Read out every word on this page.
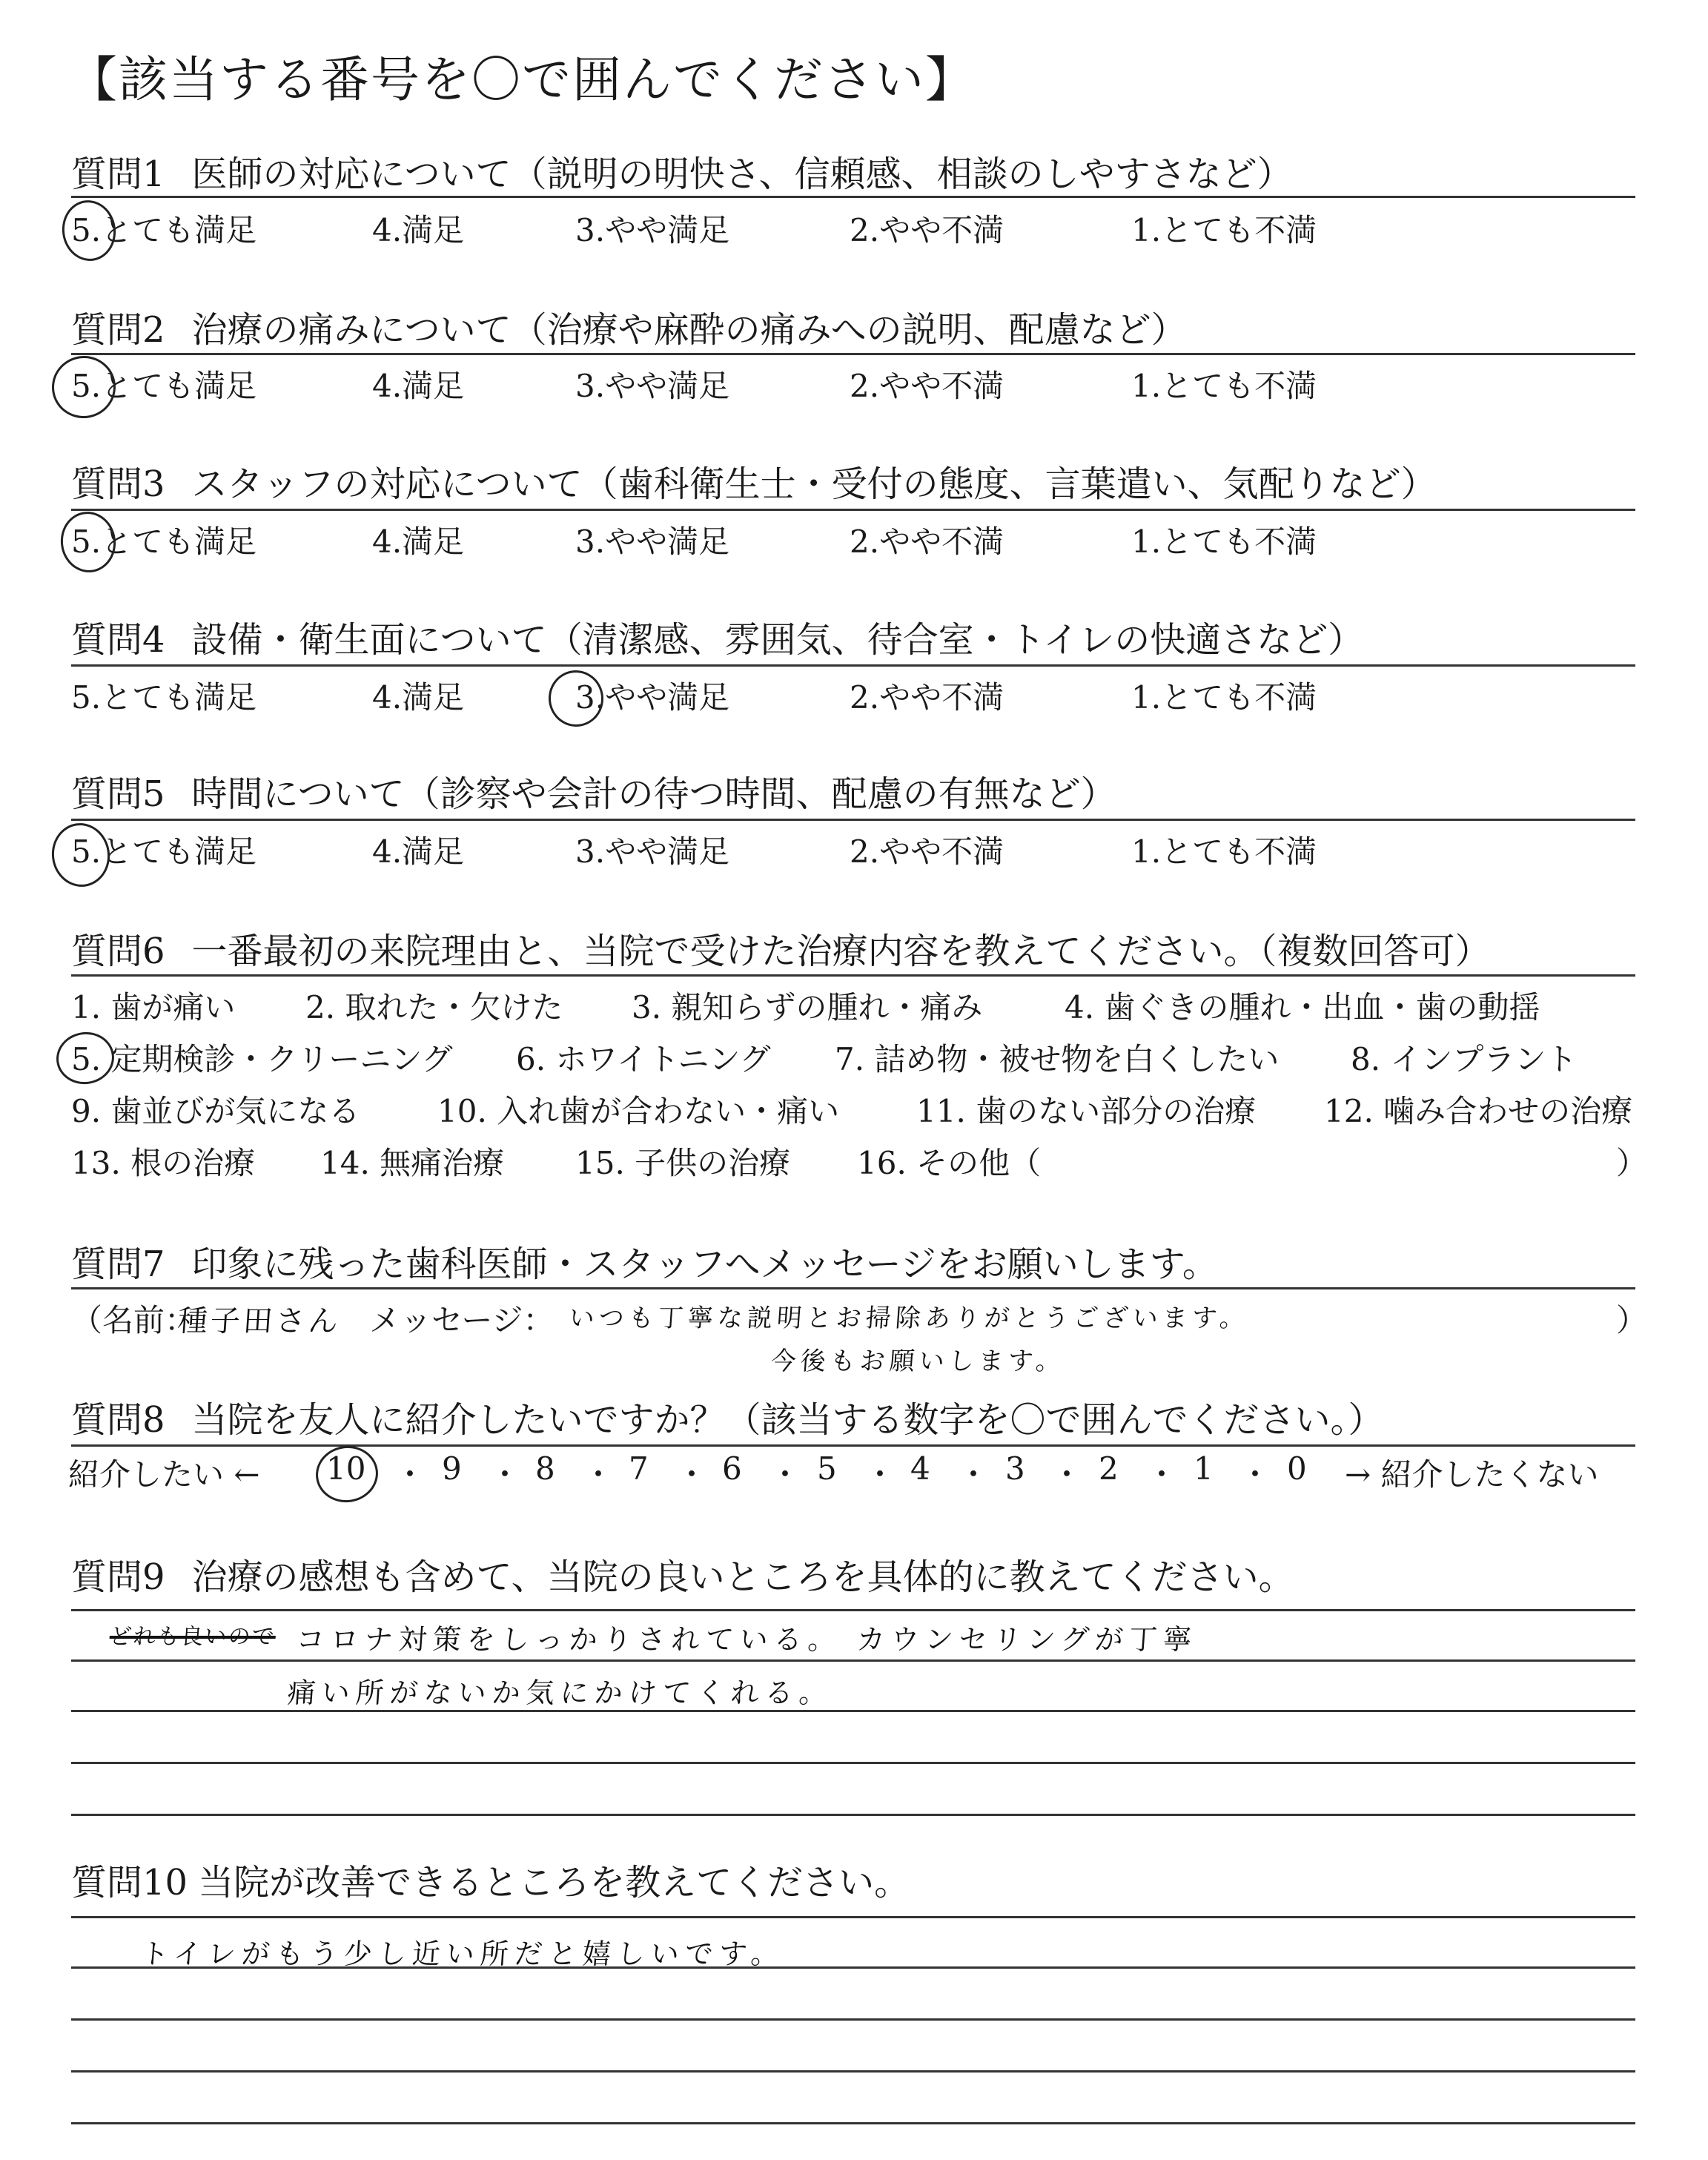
【該当する番号を〇で囲んでください】
質問1 医師の対応について（説明の明快さ、信頼感、相談のしやすさなど）
5.とても満足	4.満足	3.やや満足	2.やや不満	1.とても不満
質問2 治療の痛みについて（治療や麻酔の痛みへの説明、配慮など）
5.とても満足	4.満足	3.やや満足	2.やや不満	1.とても不満
質問3 スタッフの対応について（歯科衛生士・受付の態度、言葉遣い、気配りなど）
5.とても満足	4.満足	3.やや満足	2.やや不満	1.とても不満
質問4 設備・衛生面について（清潔感、雰囲気、待合室・トイレの快適さなど）
5.とても満足	4.満足	3.やや満足	2.やや不満	1.とても不満
質問5 時間について（診察や会計の待つ時間、配慮の有無など）
5.とても満足	4.満足	3.やや満足	2.やや不満	1.とても不満
質問6 一番最初の来院理由と、当院で受けた治療内容を教えてください。（複数回答可）
1. 歯が痛い 2. 取れた・欠けた 3. 親知らずの腫れ・痛み	4. 歯ぐきの腫れ・出血・歯の動揺
5. 定期検診・クリーニング 6. ホワイトニング 7. 詰め物・被せ物を白くしたい 8. インプラント
9. 歯並びが気になる 10. 入れ歯が合わない・痛い 11. 歯のない部分の治療 12. 噛み合わせの治療
13. 根の治療 14. 無痛治療 15. 子供の治療 16. その他（	）
質問7 印象に残った歯科医師・スタッフへメッセージをお願いします。
（名前：
種子田さん メッセージ： いつも丁寧な説明とお掃除ありがとうございます。
今後もお願いします。
）
質問8 当院を友人に紹介したいですか？（該当する数字を〇で囲んでください。）
紹介したい ← 10 ・ 9 ・ 8 ・ 7 ・ 6 ・ 5 ・ 4 ・ 3 ・ 2 ・ 1 ・ 0 → 紹介したくない
質問9 治療の感想も含めて、当院の良いところを具体的に教えてください。
どれも良いので コロナ対策をしっかりされている。 カウンセリングが丁寧
痛い所がないか気にかけてくれる。
質問10 当院が改善できるところを教えてください。
トイレがもう少し近い所だと嬉しいです。
